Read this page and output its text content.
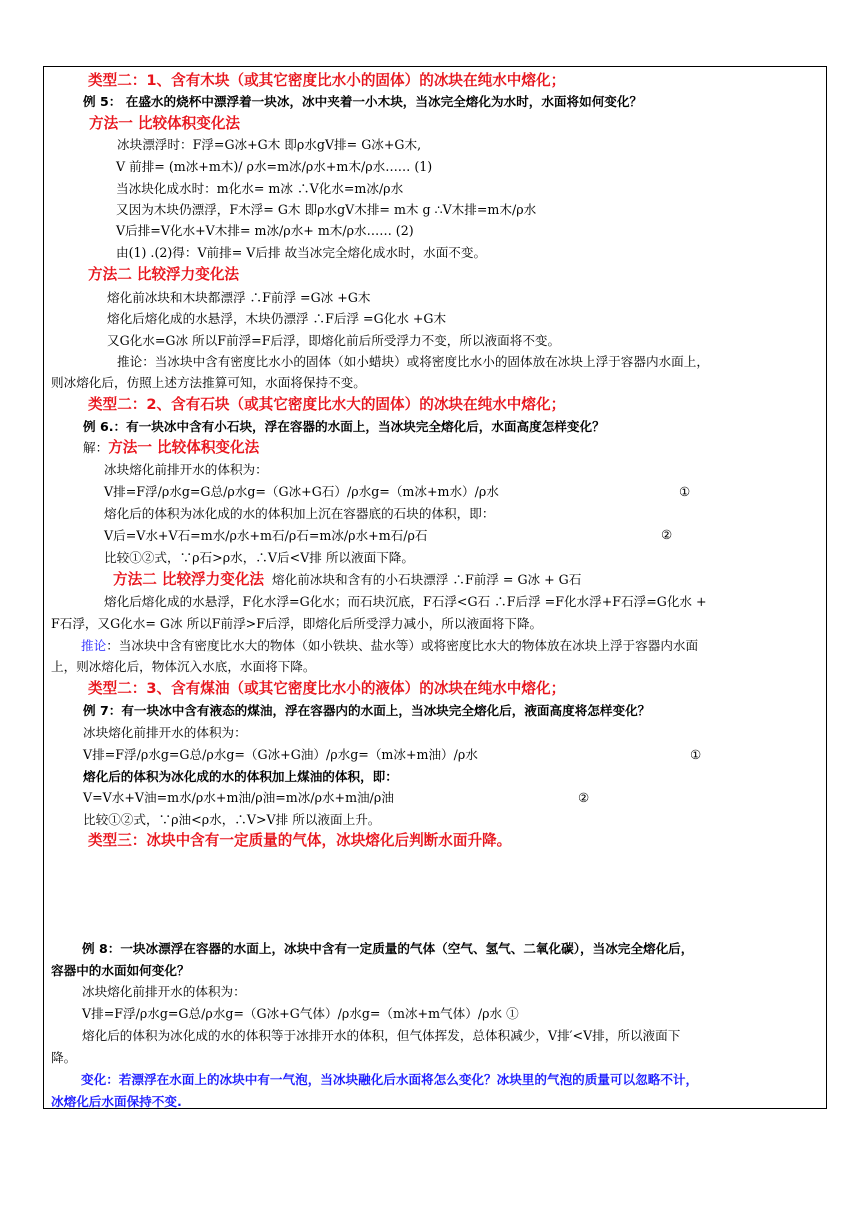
类型二：1、含有木块（或其它密度比水小的固体）的冰块在纯水中熔化；
例 5： 在盛水的烧杯中漂浮着一块冰，冰中夹着一小木块，当冰完全熔化为水时，水面将如何变化？
方法一 比较体积变化法
冰块漂浮时：F浮=G冰+G木 即ρ水gV排= G冰+G木,
V 前排= (m冰+m木)/ ρ水=m冰/ρ水+m木/ρ水…… (1)
当冰块化成水时：m化水= m冰 ∴V化水=m冰/ρ水
又因为木块仍漂浮，F木浮= G木 即ρ水gV木排= m木 g ∴V木排=m木/ρ水
V后排=V化水+V木排= m冰/ρ水+ m木/ρ水…… (2)
由(1) .(2)得：V前排= V后排 故当冰完全熔化成水时，水面不变。
方法二 比较浮力变化法
熔化前冰块和木块都漂浮 ∴F前浮 =G冰 +G木
熔化后熔化成的水悬浮，木块仍漂浮 ∴F后浮 =G化水 +G木
又G化水=G冰 所以F前浮=F后浮，即熔化前后所受浮力不变，所以液面将不变。
推论：当冰块中含有密度比水小的固体（如小蜡块）或将密度比水小的固体放在冰块上浮于容器内水面上，
则冰熔化后，仿照上述方法推算可知，水面将保持不变。
类型二：2、含有石块（或其它密度比水大的固体）的冰块在纯水中熔化；
例 6.：有一块冰中含有小石块，浮在容器的水面上，当冰块完全熔化后，水面高度怎样变化？
解：方法一 比较体积变化法
冰块熔化前排开水的体积为：
V排=F浮/ρ水g=G总/ρ水g=（G冰+G石）/ρ水g=（m冰+m水）/ρ水	①
熔化后的体积为冰化成的水的体积加上沉在容器底的石块的体积，即：
V后=V水+V石=m水/ρ水+m石/ρ石=m冰/ρ水+m石/ρ石	②
比较①②式，∵ρ石>ρ水，∴V后<V排 所以液面下降。
方法二 比较浮力变化法 熔化前冰块和含有的小石块漂浮 ∴F前浮 = G冰 + G石
熔化后熔化成的水悬浮，F化水浮=G化水；而石块沉底，F石浮<G石 ∴F后浮 =F化水浮+F石浮=G化水 +
F石浮，又G化水= G冰 所以F前浮>F后浮，即熔化后所受浮力减小，所以液面将下降。
推论：当冰块中含有密度比水大的物体（如小铁块、盐水等）或将密度比水大的物体放在冰块上浮于容器内水面
上，则冰熔化后，物体沉入水底，水面将下降。
类型二：3、含有煤油（或其它密度比水小的液体）的冰块在纯水中熔化；
例 7：有一块冰中含有液态的煤油，浮在容器内的水面上，当冰块完全熔化后，液面高度将怎样变化？
冰块熔化前排开水的体积为：
V排=F浮/ρ水g=G总/ρ水g=（G冰+G油）/ρ水g=（m冰+m油）/ρ水	①
熔化后的体积为冰化成的水的体积加上煤油的体积，即：
V=V水+V油=m水/ρ水+m油/ρ油=m冰/ρ水+m油/ρ油	②
比较①②式，∵ρ油<ρ水，∴V>V排 所以液面上升。
类型三：冰块中含有一定质量的气体，冰块熔化后判断水面升降。
例 8：一块冰漂浮在容器的水面上，冰块中含有一定质量的气体（空气、氢气、二氧化碳），当冰完全熔化后，
容器中的水面如何变化？
冰块熔化前排开水的体积为：
V排=F浮/ρ水g=G总/ρ水g=（G冰+G气体）/ρ水g=（m冰+m气体）/ρ水 ①
熔化后的体积为冰化成的水的体积等于冰排开水的体积，但气体挥发，总体积减少，V排′<V排，所以液面下
降。
变化：若漂浮在水面上的冰块中有一气泡，当冰块融化后水面将怎么变化？冰块里的气泡的质量可以忽略不计，
冰熔化后水面保持不变.
